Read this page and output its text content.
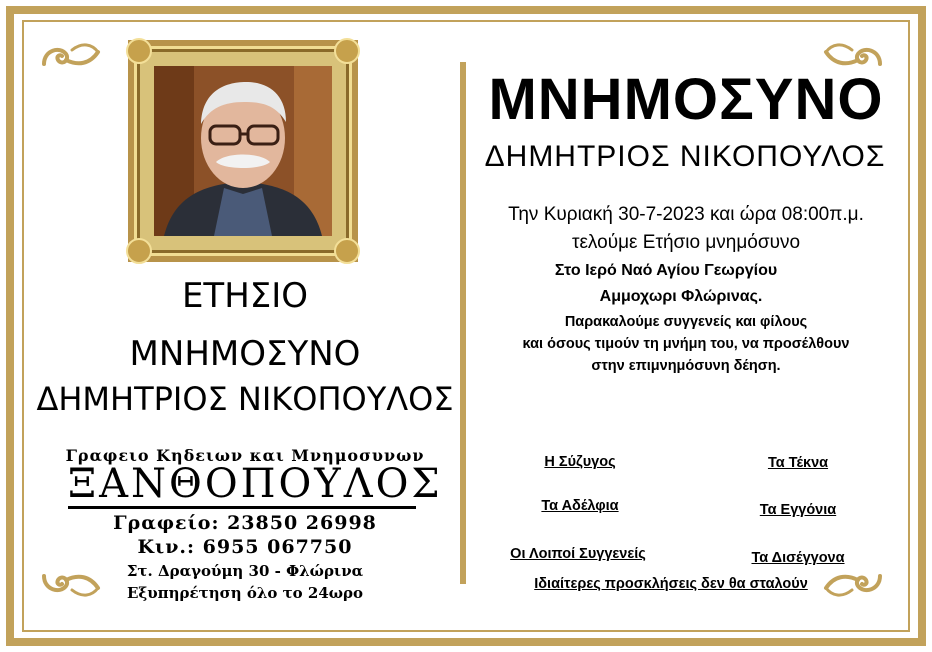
ΕΤΗΣΙΟ
ΜΝΗΜΟΣΥΝΟ
ΔΗΜΗΤΡΙΟΣ ΝΙΚΟΠΟΥΛΟΣ
Γραφειο Κηδειων και Μνημοσυνων
ΞΑΝΘΟΠΟΥΛΟΣ
Γραφείο: 23850 26998
Κιν.: 6955 067750
Στ. Δραγούμη 30 - Φλώρινα
Εξυπηρέτηση όλο το 24ωρο
ΜΝΗΜΟΣΥΝΟ
ΔΗΜΗΤΡΙΟΣ ΝΙΚΟΠΟΥΛΟΣ
Την Κυριακή 30-7-2023 και ώρα 08:00π.μ.
τελούμε Ετήσιο μνημόσυνο
Στο Ιερό Ναό Αγίου Γεωργίου
Αμμοχωρι Φλώρινας.
Παρακαλούμε συγγενείς και φίλους
και όσους τιμούν τη μνήμη του, να προσέλθουν
στην επιμνημόσυνη δέηση.
Η Σύζυγος	Τα Τέκνα
Τα Αδέλφια	Τα Εγγόνια
Οι Λοιποί Συγγενείς	Τα Δισέγγονα
Ιδιαίτερες προσκλήσεις δεν θα σταλούν
